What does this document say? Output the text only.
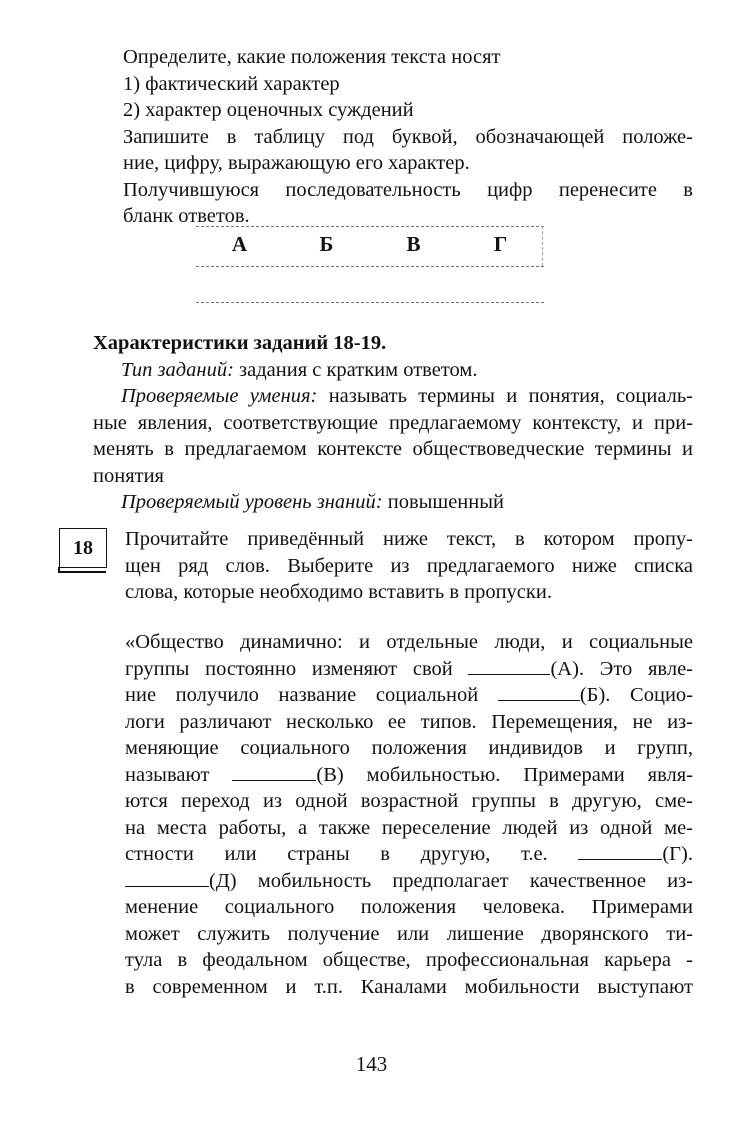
Определите, какие положения текста носят

1) фактический характер

2) характер оценочных суждений

Запишите в таблицу под буквой, обозначающей положе-

ние, цифру, выражающую его характер.

Получившуюся последовательность цифр перенесите в

бланк ответов.

А	Б	В	Г

Характеристики заданий 18-19.

Тип заданий: задания с кратким ответом.

Проверяемые умения: называть термины и понятия, социаль-

ные явления, соответствующие предлагаемому контексту, и при-

менять в предлагаемом контексте обществоведческие термины и

понятия

Проверяемый уровень знаний: повышенный

18	Прочитайте приведённый ниже текст, в котором пропу-

щен ряд слов. Выберите из предлагаемого ниже списка

слова, которые необходимо вставить в пропуски.

«Общество динамично: и отдельные люди, и социальные

группы постоянно изменяют свой	(А). Это явле-

ние получило название социальной	(Б). Социо-

логи различают несколько ее типов. Перемещения, не из-

меняющие социального положения индивидов и групп,

называют	(В) мобильностью. Примерами явля-

ются переход из одной возрастной группы в другую, сме-

на места работы, а также переселение людей из одной ме-

стности или страны в другую, т.е.	(Г).

(Д) мобильность предполагает качественное из-

менение социального положения человека. Примерами

может служить получение или лишение дворянского ти-

тула в феодальном обществе, профессиональная карьера -

в современном и т.п. Каналами мобильности выступают

143
